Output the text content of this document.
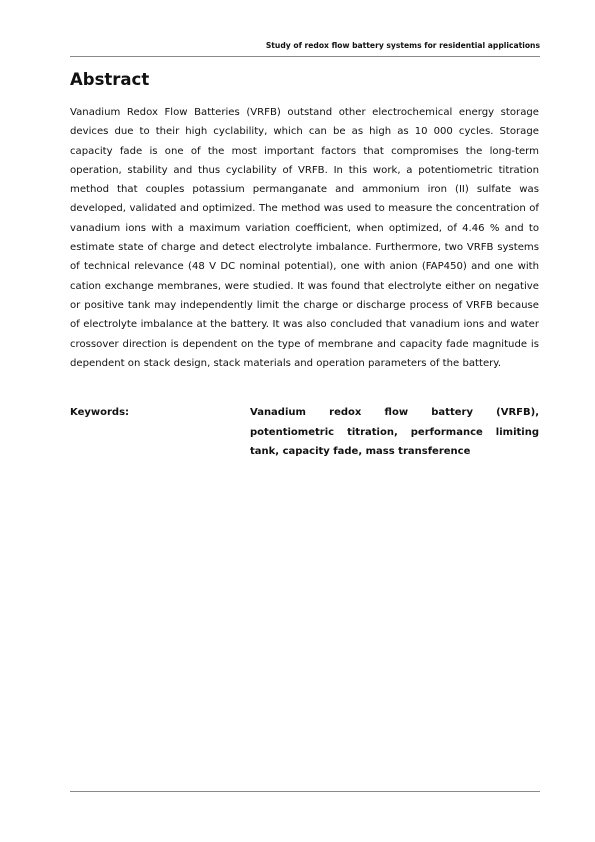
Study of redox flow battery systems for residential applications
Abstract

Vanadium Redox Flow Batteries (VRFB) outstand other electrochemical energy storage devices due to their high cyclability, which can be as high as 10 000 cycles. Storage capacity fade is one of the most important factors that compromises the long-term operation, stability and thus cyclability of VRFB. In this work, a potentiometric titration method that couples potassium permanganate and ammonium iron (II) sulfate was developed, validated and optimized. The method was used to measure the concentration of vanadium ions with a maximum variation coefficient, when optimized, of 4.46 % and to estimate state of charge and detect electrolyte imbalance. Furthermore, two VRFB systems of technical relevance (48 V DC nominal potential), one with anion (FAP450) and one with cation exchange membranes, were studied. It was found that electrolyte either on negative or positive tank may independently limit the charge or discharge process of VRFB because of electrolyte imbalance at the battery. It was also concluded that vanadium ions and water crossover direction is dependent on the type of membrane and capacity fade magnitude is dependent on stack design, stack materials and operation parameters of the battery.

Keywords:	Vanadium redox flow battery (VRFB), potentiometric titration, performance limiting tank, capacity fade, mass transference
